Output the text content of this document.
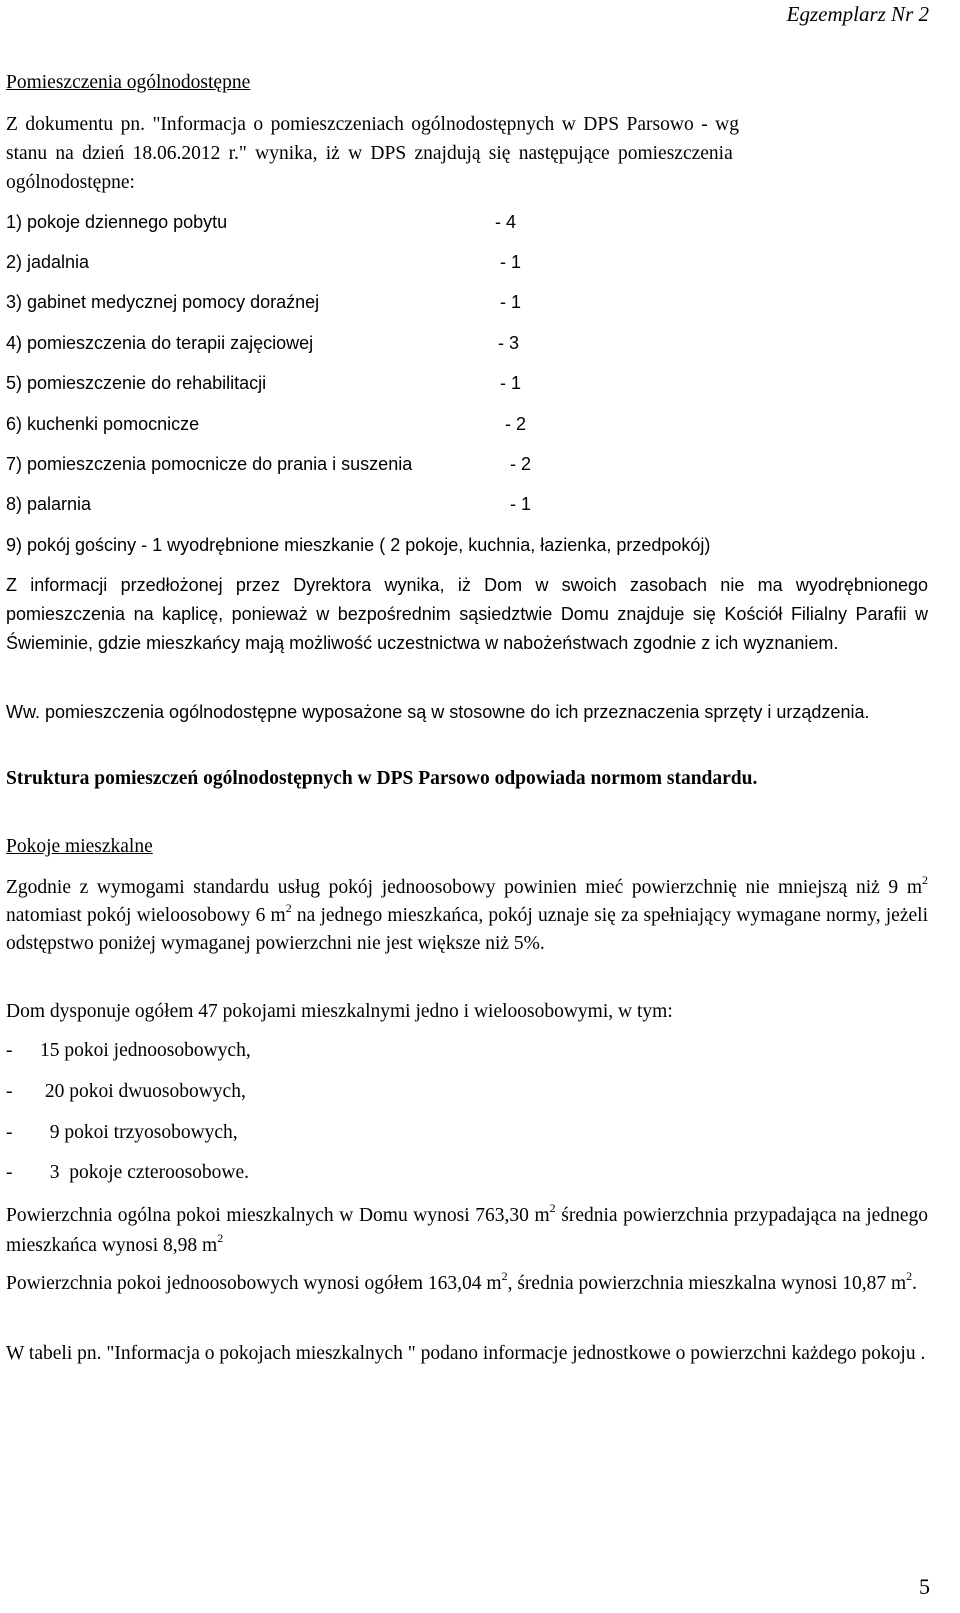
Egzemplarz Nr 2
Pomieszczenia ogólnodostępne
Z dokumentu pn. "Informacja o pomieszczeniach ogólnodostępnych w DPS Parsowo - wg
stanu na dzień 18.06.2012 r." wynika, iż w DPS znajdują się następujące pomieszczenia
ogólnodostępne:
1) pokoje dziennego pobytu	- 4
2) jadalnia	- 1
3) gabinet medycznej pomocy doraźnej	- 1
4) pomieszczenia do terapii zajęciowej	- 3
5) pomieszczenie do rehabilitacji	- 1
6) kuchenki pomocnicze	- 2
7) pomieszczenia pomocnicze do prania i suszenia	- 2
8) palarnia	- 1
9) pokój gościny - 1 wyodrębnione mieszkanie ( 2 pokoje, kuchnia, łazienka, przedpokój)
Z informacji przedłożonej przez Dyrektora wynika, iż Dom w swoich zasobach nie ma wyodrębnionego pomieszczenia na kaplicę, ponieważ w bezpośrednim sąsiedztwie Domu znajduje się Kościół Filialny Parafii w Świeminie, gdzie mieszkańcy mają możliwość uczestnictwa w nabożeństwach zgodnie z ich wyznaniem.
Ww. pomieszczenia ogólnodostępne wyposażone są w stosowne do ich przeznaczenia sprzęty i urządzenia.
Struktura pomieszczeń ogólnodostępnych w DPS Parsowo odpowiada normom standardu.
Pokoje mieszkalne
Zgodnie z wymogami standardu usług pokój jednoosobowy powinien mieć powierzchnię nie mniejszą niż 9 $m^2$ natomiast pokój wieloosobowy 6 $m^2$ na jednego mieszkańca, pokój uznaje się za spełniający wymagane normy, jeżeli odstępstwo poniżej wymaganej powierzchni nie jest większe niż 5%.
Dom dysponuje ogółem 47 pokojami mieszkalnymi jedno i wieloosobowymi, w tym:
- 15 pokoi jednoosobowych,
- 20 pokoi dwuosobowych,
-  9 pokoi trzyosobowych,
-  3  pokoje czteroosobowe.
Powierzchnia ogólna pokoi mieszkalnych w Domu wynosi 763,30 $m^2$ średnia powierzchnia przypadająca na jednego mieszkańca wynosi 8,98 $m^2$
Powierzchnia pokoi jednoosobowych wynosi ogółem 163,04 $m^2$, średnia powierzchnia mieszkalna wynosi 10,87 $m^2$.
W tabeli pn. "Informacja o pokojach mieszkalnych " podano informacje jednostkowe o powierzchni każdego pokoju .
5
